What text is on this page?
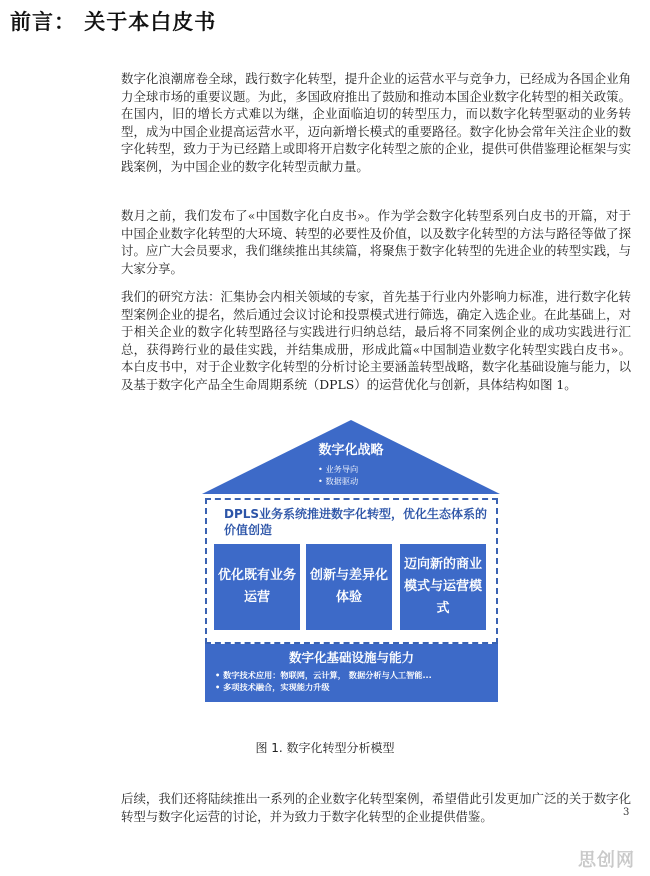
前言： 关于本白皮书

数字化浪潮席卷全球，践行数字化转型，提升企业的运营水平与竞争力，已经成为各国企业角力全球市场的重要议题。为此，多国政府推出了鼓励和推动本国企业数字化转型的相关政策。在国内，旧的增长方式难以为继，企业面临迫切的转型压力，而以数字化转型驱动的业务转型，成为中国企业提高运营水平，迈向新增长模式的重要路径。数字化协会常年关注企业的数字化转型，致力于为已经踏上或即将开启数字化转型之旅的企业，提供可供借鉴理论框架与实践案例，为中国企业的数字化转型贡献力量。

数月之前，我们发布了«中国数字化白皮书»。作为学会数字化转型系列白皮书的开篇，对于中国企业数字化转型的大环境、转型的必要性及价值，以及数字化转型的方法与路径等做了探讨。应广大会员要求，我们继续推出其续篇，将聚焦于数字化转型的先进企业的转型实践，与大家分享。

我们的研究方法：汇集协会内相关领域的专家，首先基于行业内外影响力标准，进行数字化转型案例企业的提名，然后通过会议讨论和投票模式进行筛选，确定入选企业。在此基础上，对于相关企业的数字化转型路径与实践进行归纳总结，最后将不同案例企业的成功实践进行汇总，获得跨行业的最佳实践，并结集成册，形成此篇«中国制造业数字化转型实践白皮书»。本白皮书中，对于企业数字化转型的分析讨论主要涵盖转型战略，数字化基础设施与能力，以及基于数字化产品全生命周期系统（DPLS）的运营优化与创新，具体结构如图 1。

数字化战略
• 业务导向
• 数据驱动
DPLS业务系统推进数字化转型，优化生态体系的价值创造
优化既有业务运营
创新与差异化体验
迈向新的商业模式与运营模式
数字化基础设施与能力
• 数字技术应用：物联网，云计算， 数据分析与人工智能...
• 多项技术融合，实现能力升级
图 1. 数字化转型分析模型

后续，我们还将陆续推出一系列的企业数字化转型案例，希望借此引发更加广泛的关于数字化转型与数字化运营的讨论，并为致力于数字化转型的企业提供借鉴。	3
思创网
